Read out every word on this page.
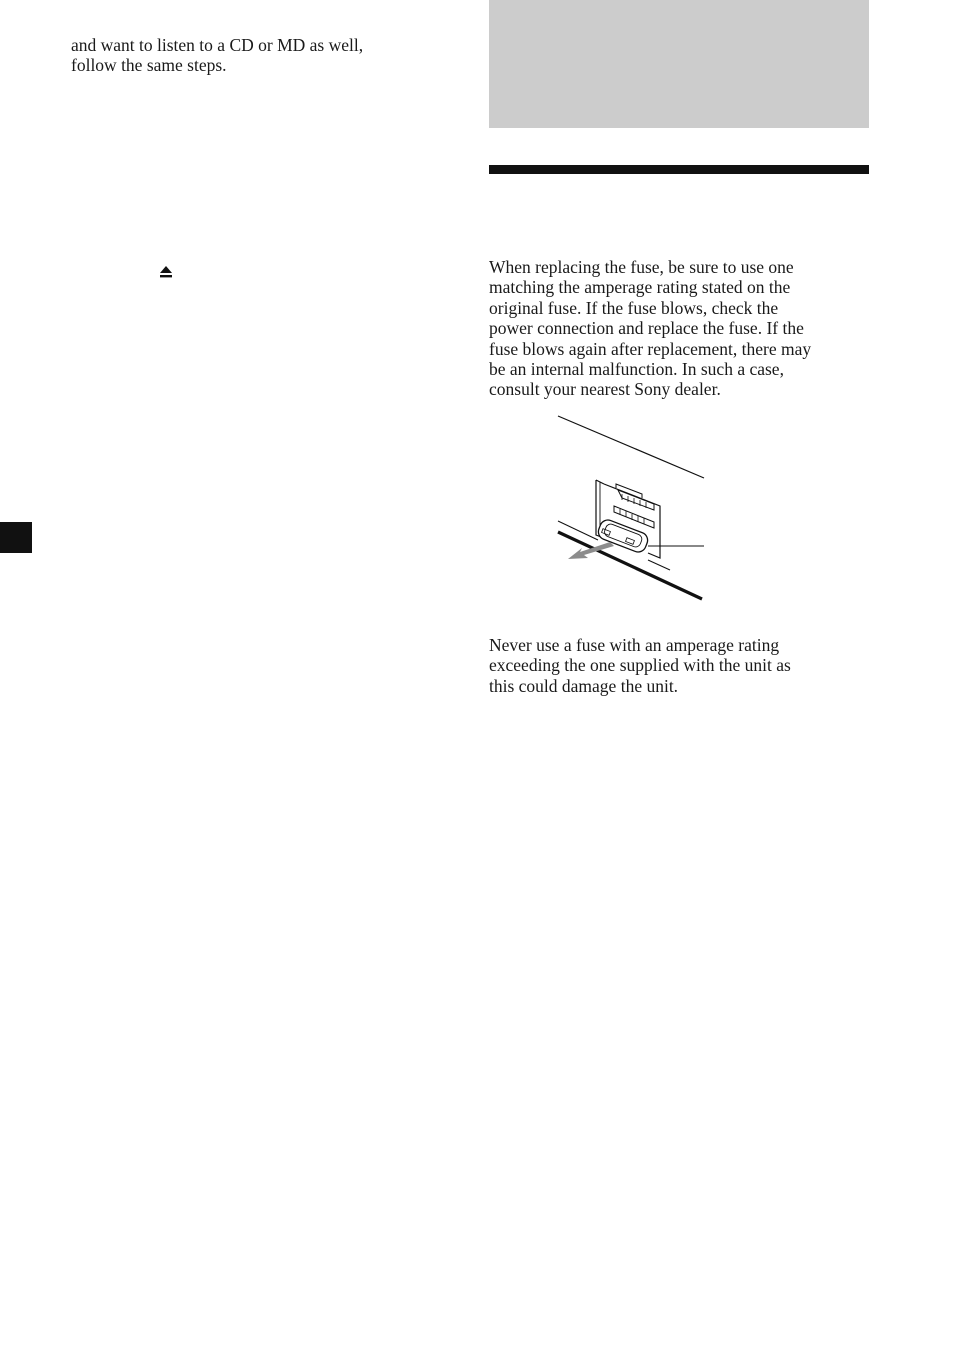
and want to listen to a CD or MD as well,
follow the same steps.

When replacing the fuse, be sure to use one
matching the amperage rating stated on the
original fuse. If the fuse blows, check the
power connection and replace the fuse. If the
fuse blows again after replacement, there may
be an internal malfunction. In such a case,
consult your nearest Sony dealer.

Never use a fuse with an amperage rating
exceeding the one supplied with the unit as
this could damage the unit.
